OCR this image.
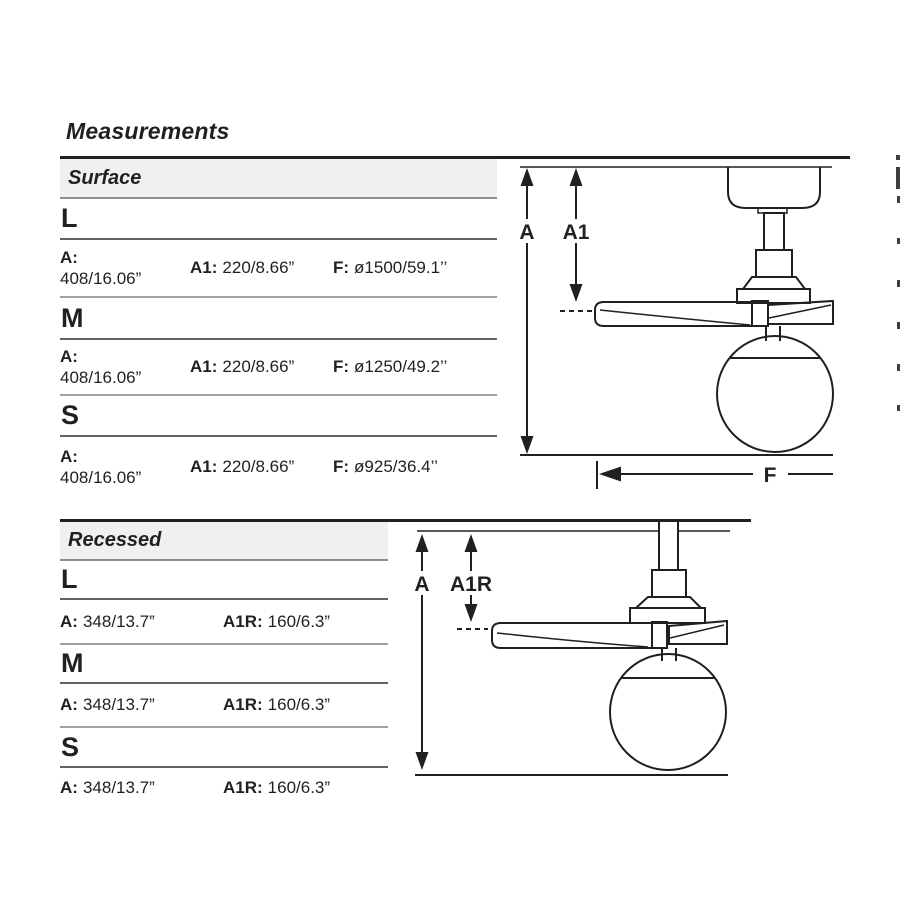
Measurements
Surface
L
A:
408/16.06”
A1: 220/8.66” F: ø1500/59.1’’
M
A:
408/16.06”
A1: 220/8.66” F: ø1250/49.2’’
S
A:
408/16.06”
A1: 220/8.66” F: ø925/36.4’’
A A1
F
Recessed
L
A: 348/13.7”	A1R: 160/6.3”
M
A: 348/13.7”	A1R: 160/6.3”
S
A: 348/13.7”	A1R: 160/6.3”
A A1R
